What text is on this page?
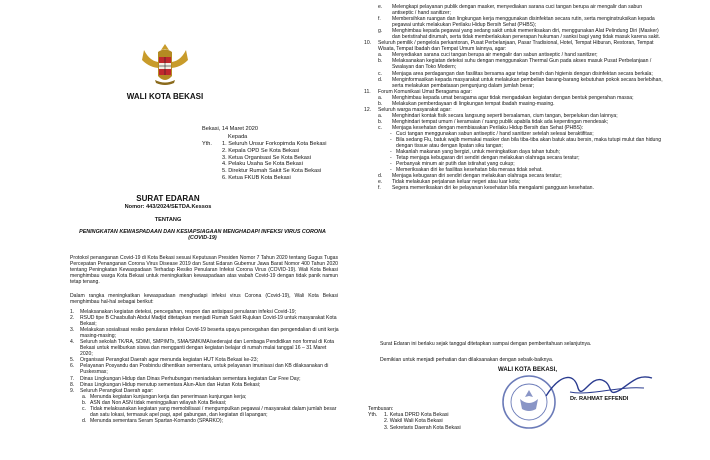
WALI KOTA BEKASI
Bekasi, 14 Maret 2020
Kepada
Yth. 1. Seluruh Unsur Forkopimda Kota Bekasi
2. Kepala OPD Se Kota Bekasi
3. Ketua Organisasi Se Kota Bekasi
4. Pelaku Usaha Se Kota Bekasi
5. Direktur Rumah Sakit Se Kota Bekasi
6. Ketua FKUB Kota Bekasi
SURAT EDARAN
Nomor: 443/2024/SETDA.Kessos
TENTANG
PENINGKATAN KEWASPADAAN DAN KESIAPSIAGAAN MENGHADAPI INFEKSI VIRUS CORONA (COVID-19)
Protokol penanganan Covid-19 di Kota Bekasi sesuai Keputusan Presiden Nomor 7 Tahun 2020 tentang Gugus Tugas Percepatan Penanganan Corona Virus Disease 2019 dan Surat Edaran Gubernur Jawa Barat Nomor 400 Tahun 2020 tentang Peningkatan Kewaspadaan Terhadap Resiko Penularan Infeksi Corona Virus (COVID-19). Wali Kota Bekasi menghimbau warga Kota Bekasi untuk meningkatkan kewaspadaan atas wabah Covid-19 dengan tidak panik namun tetap tenang.
Dalam rangka meningkatkan kewaspadaan menghadapi infeksi virus Corona (Covid-19), Wali Kota Bekasi menghimbau hal-hal sebagai berikut:
1.	Melaksanakan kegiatan deteksi, pencegahan, respon dan antisipasi penularan infeksi Covid-19;
2.	RSUD tipe B Chasbullah Abdul Madjid ditetapkan menjadi Rumah Sakit Rujukan Covid-19 untuk masyarakat Kota Bekasi;
3.	Melakukan sosialisasi resiko penularan infeksi Covid-19 beserta upaya pencegahan dan pengendalian di unit kerja masing-masing;
4.	Seluruh sekolah TK/RA, SD/MI, SMP/MTs, SMA/SMK/MA/sederajat dan Lembaga Pendidikan non formal di Kota Bekasi untuk meliburkan siswa dan mengganti dengan kegiatan belajar di rumah mulai tanggal 16 – 31 Maret 2020;
5.	Organisasi Perangkat Daerah agar menunda kegiatan HUT Kota Bekasi ke-23;
6.	Pelayanan Posyandu dan Posbindu dihentikan sementara, untuk pelayanan imunisasi dan KB dilaksanakan di Puskesmas;
7.	Dinas Lingkungan Hidup dan Dinas Perhubungan meniadakan sementara kegiatan Car Free Day;
8.	Dinas Lingkungan Hidup menutup sementara Alun-Alun dan Hutan Kota Bekasi;
9.	Seluruh Perangkat Daerah agar:
a. Menunda kegiatan kunjungan kerja dan penerimaan kunjungan kerja;
b. ASN dan Non ASN tidak meninggalkan wilayah Kota Bekasi;
c. Tidak melaksanakan kegiatan yang memobilisasi / mengumpulkan pegawai / masyarakat dalam jumlah besar dan satu lokasi, termasuk apel pagi, apel gabungan, dan kegiatan di lapangan;
d. Menunda sementara Seram Spartan-Komando (SPARKO);
e.	Melengkapi pelayanan publik dengan masker, menyediakan sarana cuci tangan berupa air mengalir dan sabun antiseptic / hand sanitizer;
f.	Membersihkan ruangan dan lingkungan kerja menggunakan disinfektan secara rutin, serta menginstruksikan kepada pegawai untuk melakukan Perilaku Hidup Bersih Sehat (PHBS);
g.	Menghimbau kepada pegawai yang sedang sakit untuk memeriksakan diri, menggunakan Alat Pelindung Diri (Masker) dan beristirahat dirumah, serta tidak memberlakukan penerapan hukuman / sanksi bagi yang tidak masuk karena sakit.
10.	Seluruh pemilik / pengelola perkantoran, Pusat Perbelanjaan, Pasar Tradisional, Hotel, Tempat Hiburan, Restoran, Tempat Wisata, Tempat Ibadah dan Tempat Umum lainnya, agar:
a.	Menyediakan sarana cuci tangan berupa air mengalir dan sabun antiseptic / hand sanitizer;
b.	Melaksanakan kegiatan deteksi suhu dengan menggunakan Thermal Gun pada akses masuk Pusat Perbelanjaan / Swalayan dan Toko Modern;
c.	Menjaga area perdagangan dan fasilitas bersama agar tetap bersih dan higienis dengan disinfektan secara berkala;
d.	Menginformasikan kepada masyarakat untuk melakukan pembelian barang-barang kebutuhan pokok secara berlebihan, serta melakukan pembatasan pengunjung dalam jumlah besar;
11.	Forum Komunikasi Umat Beragama agar:
a.	Menghimbau kepada umat beragama agar tidak mengadakan kegiatan dengan bentuk pengerahan massa;
b.	Melakukan pemberdayaan di lingkungan tempat ibadah masing-masing.
12.	Seluruh warga masyarakat agar:
a.	Menghindari kontak fisik secara langsung seperti bersalaman, cium tangan, berpelukan dan lainnya;
b.	Menghindari tempat umum / keramaian / ruang publik apabila tidak ada kepentingan mendesak;
c.	Menjaga kesehatan dengan membiasakan Perilaku Hidup Bersih dan Sehat (PHBS):
- Cuci tangan menggunakan sabun antiseptic / hand sanitizer setelah selesai beraktifitas;
- Bila sedang Flu, batuk wajib memakai masker dan bila tiba-tiba akan batuk atau bersin, maka tutupi mulut dan hidung dengan tissue atau dengan lipatan siku tangan;
- Makanlah makanan yang bergizi, untuk meningkatkan daya tahan tubuh;
- Tetap menjaga kebugaran diri sendiri dengan melakukan olahraga secara teratur;
- Perbanyak minum air putih dan istirahat yang cukup;
- Memeriksakan diri ke fasilitas kesehatan bila merasa tidak sehat.
d.	Menjaga kebugaran diri sendiri dengan melakukan olahraga secara teratur;
e.	Tidak melakukan perjalanan keluar negeri atau luar kota;
f.	Segera memeriksakan diri ke pelayanan kesehatan bila mengalami gangguan kesehatan.
Surat Edaran ini berlaku sejak tanggal ditetapkan sampai dengan pemberitahuan selanjutnya.
Demikian untuk menjadi perhatian dan dilaksanakan dengan sebaik-baiknya.
WALI KOTA BEKASI,
Dr. RAHMAT EFFENDI
Tembusan:
Yth.	1. Ketua DPRD Kota Bekasi
2. Wakil Wali Kota Bekasi
3. Sekretaris Daerah Kota Bekasi
